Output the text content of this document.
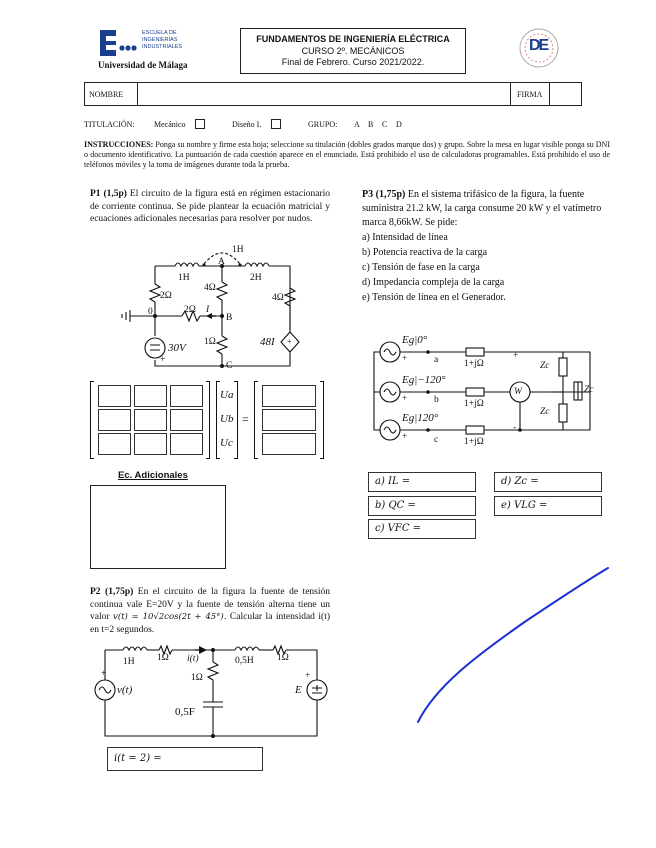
ESCUELA DE
INGENIERÍAS
INDUSTRIALES
Universidad de Málaga
FUNDAMENTOS DE INGENIERÍA ELÉCTRICA
CURSO 2º. MECÁNICOS
Final de Febrero. Curso 2021/2022.
DE
NOMBRE	FIRMA
TITULACIÓN: Mecánico	Diseño I.	GRUPO: A B C D
INSTRUCCIONES: Ponga su nombre y firme esta hoja; seleccione su titulación (dobles grados marque dos) y grupo. Sobre la mesa en lugar visible ponga su DNI o documento identificativo. La puntuación de cada cuestión aparece en el enunciado. Está prohibido el uso de calculadoras programables. Está prohibido el uso de teléfonos móviles y la toma de imágenes durante toda la prueba.
P1 (1,5p) El circuito de la figura está en régimen estacionario de corriente continua. Se pide plantear la ecuación matricial y ecuaciones adicionales necesarias para resolver por nudos.
1H
1H	2H
A
4Ω
4Ω
2Ω
0	2Ω I
B
1Ω
C
30V
+
48I +
Ua
Ub
Uc
=
Ec. Adicionales
P2 (1,75p) En el circuito de la figura la fuente de tensión continua vale E=20V y la fuente de tensión alterna tiene un valor v(t) = 10√2cos(2t + 45°). Calcular la intensidad i(t) en t=2 segundos.
1H 1Ω i(t)	0,5H 1Ω
1Ω
0,5F
v(t)
+
E
+
i(t = 2) =
P3 (1,75p) En el sistema trifásico de la figura, la fuente suministra 21.2 kW, la carga consume 20 kW y el vatímetro marca 8,66kW. Se pide:
a) Intensidad de línea
b) Potencia reactiva de la carga
c) Tensión de fase en la carga
d) Impedancia compleja de la carga
e) Tensión de línea en el Generador.
Eg|0°
Eg|−120°
Eg|120°
+
+
+
a
b
c
1+jΩ
1+jΩ
1+jΩ
W
+
-
Zc
Zc
Zc
a) IL =
b) QC =
c) VFC =
d) Zc =
e) VLG =
